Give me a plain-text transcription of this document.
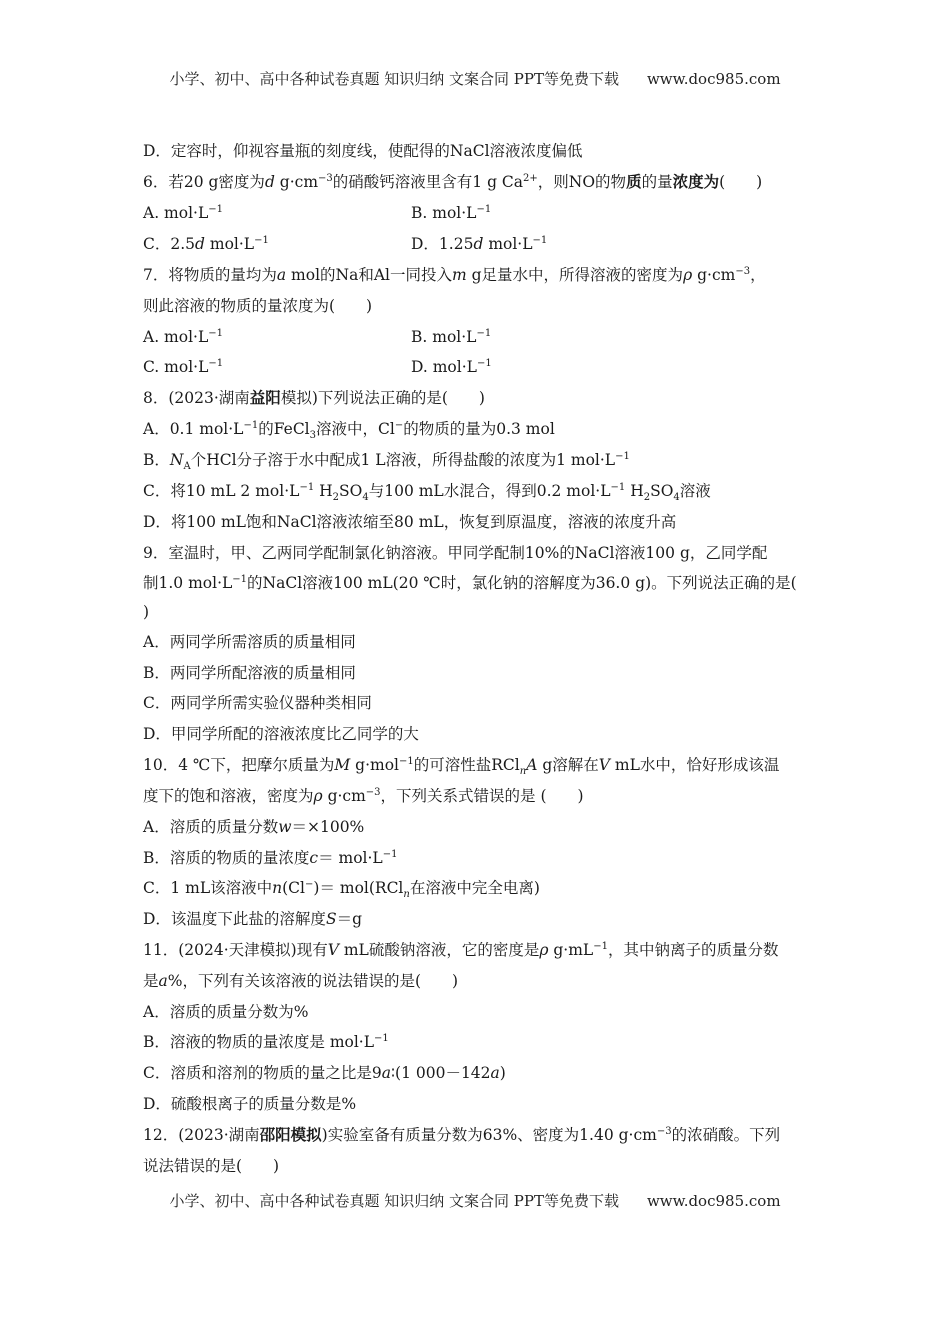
小学、初中、高中各种试卷真题 知识归纳 文案合同 PPT等免费下载 www.doc985.com
D．定容时，仰视容量瓶的刻度线，使配得的NaCl溶液浓度偏低
6．若20 g密度为d $g\cdot cm^{-3}$的硝酸钙溶液里含有1 g $Ca^{2+}$，则NO的物质的量浓度为(　　)
A. $mol\cdot L^{-1}$	B. $mol\cdot L^{-1}$
C．2.5d $mol\cdot L^{-1}$	D．1.25d $mol\cdot L^{-1}$
7．将物质的量均为a mol的Na和Al一同投入m g足量水中，所得溶液的密度为ρ $g\cdot cm^{-3}$，
则此溶液的物质的量浓度为(　　)
A. $mol\cdot L^{-1}$	B. $mol\cdot L^{-1}$
C. $mol\cdot L^{-1}$	D. $mol\cdot L^{-1}$
8．(2023·湖南益阳模拟)下列说法正确的是(　　)
A．0.1 $mol\cdot L^{-1}$的FeCl$_3$溶液中，Cl−的物质的量为0.3 mol
B．$N_A$个HCl分子溶于水中配成1 L溶液，所得盐酸的浓度为1 $mol\cdot L^{-1}$
C．将10 mL 2 $mol\cdot L^{-1}$ $H_2SO_4$与100 mL水混合，得到0.2 $mol\cdot L^{-1}$ $H_2SO_4$溶液
D．将100 mL饱和NaCl溶液浓缩至80 mL，恢复到原温度，溶液的浓度升高
9．室温时，甲、乙两同学配制氯化钠溶液。甲同学配制10%的NaCl溶液100 g，乙同学配
制1.0 $mol\cdot L^{-1}$的NaCl溶液100 mL(20 ℃时，氯化钠的溶解度为36.0 g)。下列说法正确的是(
)
A．两同学所需溶质的质量相同
B．两同学所配溶液的质量相同
C．两同学所需实验仪器种类相同
D．甲同学所配的溶液浓度比乙同学的大
10．4 ℃下，把摩尔质量为M g·mol$^{-1}$的可溶性盐RCl$_n$A g溶解在V mL水中，恰好形成该温
度下的饱和溶液，密度为ρ $g\cdot cm^{-3}$，下列关系式错误的是 (　　)
A．溶质的质量分数w＝×100%
B．溶质的物质的量浓度$c= mol\cdot L^{-1}$
C．1 mL该溶液中n(Cl−)＝ mol(RCl$_n$在溶液中完全电离)
D．该温度下此盐的溶解度S＝g
11．(2024·天津模拟)现有V mL硫酸钠溶液，它的密度是ρ $g\cdot mL^{-1}$，其中钠离子的质量分数
是a%，下列有关该溶液的说法错误的是(　　)
A．溶质的质量分数为%
B．溶液的物质的量浓度是 $mol\cdot L^{-1}$
C．溶质和溶剂的物质的量之比是9a∶(1 000－142a)
D．硫酸根离子的质量分数是%
12．(2023·湖南邵阳模拟)实验室备有质量分数为63%、密度为1.40 $g\cdot cm^{-3}$的浓硝酸。下列
说法错误的是(　　)
小学、初中、高中各种试卷真题 知识归纳 文案合同 PPT等免费下载 www.doc985.com
